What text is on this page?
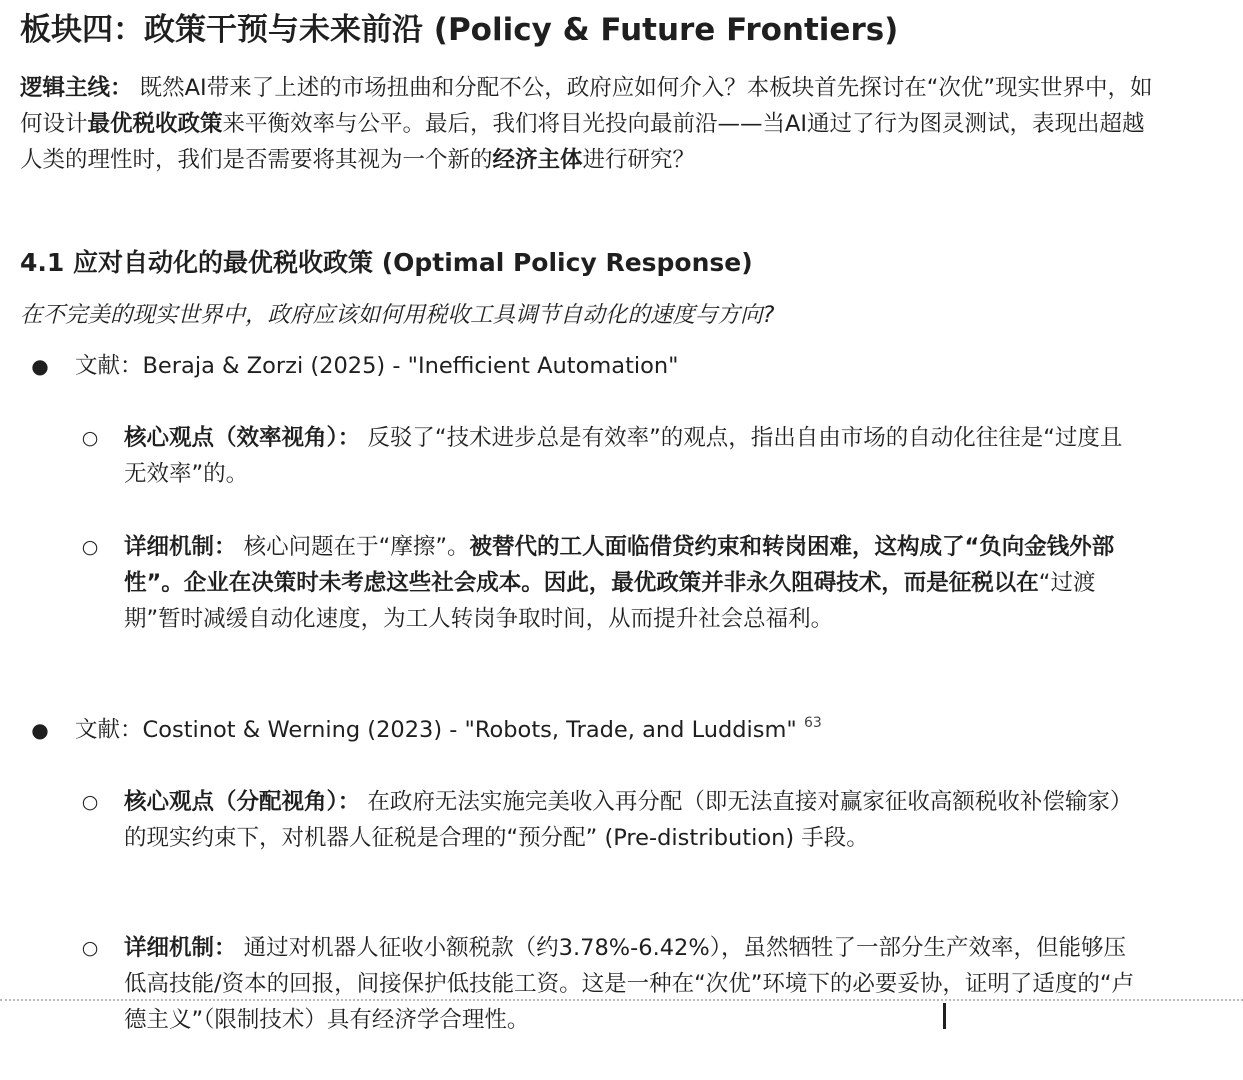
板块四：政策干预与未来前沿 (Policy & Future Frontiers)
逻辑主线： 既然AI带来了上述的市场扭曲和分配不公，政府应如何介入？本板块首先探讨在“次优”现实世界中，如何设计最优税收政策来平衡效率与公平。最后，我们将目光投向最前沿——当AI通过了行为图灵测试，表现出超越人类的理性时，我们是否需要将其视为一个新的经济主体进行研究？
4.1 应对自动化的最优税收政策 (Optimal Policy Response)
在不完美的现实世界中，政府应该如何用税收工具调节自动化的速度与方向?
● 文献：Beraja & Zorzi (2025) - "Inefficient Automation"
○ 核心观点（效率视角）： 反驳了“技术进步总是有效率”的观点，指出自由市场的自动化往往是“过度且无效率”的。
○ 详细机制： 核心问题在于“摩擦”。被替代的工人面临借贷约束和转岗困难，这构成了“负向金钱外部性”。企业在决策时未考虑这些社会成本。因此，最优政策并非永久阻碍技术，而是征税以在“过渡期”暂时减缓自动化速度，为工人转岗争取时间，从而提升社会总福利。
● 文献：Costinot & Werning (2023) - "Robots, Trade, and Luddism" $^{63}$
○ 核心观点（分配视角）： 在政府无法实施完美收入再分配（即无法直接对赢家征收高额税收补偿输家）的现实约束下，对机器人征税是合理的“预分配” (Pre-distribution) 手段。
○ 详细机制： 通过对机器人征收小额税款（约3.78%-6.42%），虽然牺牲了一部分生产效率，但能够压低高技能/资本的回报，间接保护低技能工资。这是一种在“次优”环境下的必要妥协，证明了适度的“卢德主义”（限制技术）具有经济学合理性。
